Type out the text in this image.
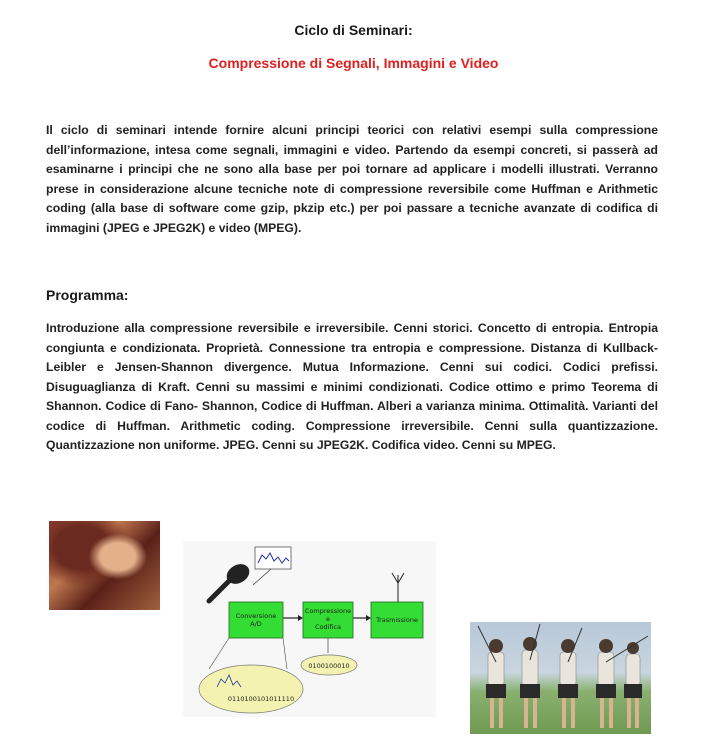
Ciclo di Seminari:
Compressione di Segnali, Immagini e Video
Il ciclo di seminari intende fornire alcuni principi teorici con relativi esempi sulla compressione dell’informazione, intesa come segnali, immagini e video. Partendo da esempi concreti, si passerà ad esaminarne i principi che ne sono alla base per poi tornare ad applicare i modelli illustrati. Verranno prese in considerazione alcune tecniche note di compressione reversibile come Huffman e Arithmetic coding (alla base di software come gzip, pkzip etc.) per poi passare a tecniche avanzate di codifica di immagini (JPEG e JPEG2K) e video (MPEG).
Programma:
Introduzione alla compressione reversibile e irreversibile. Cenni storici. Concetto di entropia. Entropia congiunta e condizionata. Proprietà. Connessione tra entropia e compressione. Distanza di Kullback-Leibler e Jensen-Shannon divergence. Mutua Informazione. Cenni sui codici. Codici prefissi. Disuguaglianza di Kraft. Cenni su massimi e minimi condizionati. Codice ottimo e primo Teorema di Shannon. Codice di Fano- Shannon, Codice di Huffman. Alberi a varianza minima. Ottimalità. Varianti del codice di Huffman. Arithmetic coding. Compressione irreversibile. Cenni sulla quantizzazione. Quantizzazione non uniforme. JPEG. Cenni su JPEG2K. Codifica video. Cenni su MPEG.
Conversione
A/D
Compressione
e
Codifica
Trasmissione
0100100010
0110100101011110
